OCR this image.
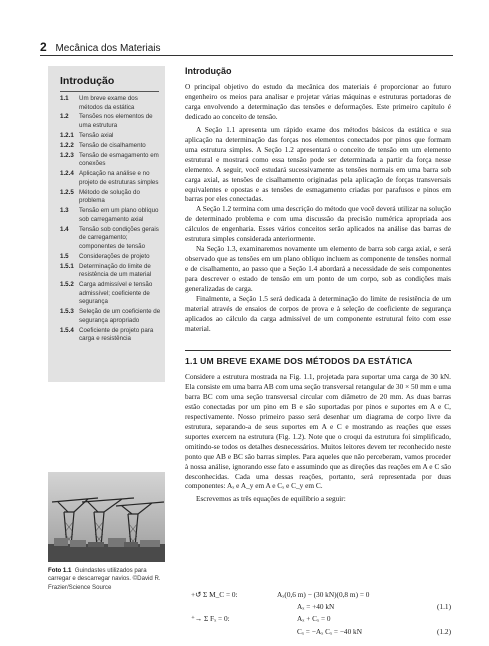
2 Mecânica dos Materiais
Introdução
1.1	Um breve exame dos métodos da estática
1.2	Tensões nos elementos de uma estrutura
1.2.1 Tensão axial
1.2.2 Tensão de cisalhamento
1.2.3 Tensão de esmagamento em conexões
1.2.4 Aplicação na análise e no projeto de estruturas simples
1.2.5 Método de solução do problema
1.3	Tensão em um plano oblíquo sob carregamento axial
1.4	Tensão sob condições gerais de carregamento; componentes de tensão
1.5	Considerações de projeto
1.5.1 Determinação do limite de resistência de um material
1.5.2 Carga admissível e tensão admissível; coeficiente de segurança
1.5.3 Seleção de um coeficiente de segurança apropriado
1.5.4 Coeficiente de projeto para carga e resistência
Foto 1.1 Guindastes utilizados para carregar e descarregar navios. ©David R. Frazier/Science Source
Introdução

O principal objetivo do estudo da mecânica dos materiais é proporcionar ao futuro engenheiro os meios para analisar e projetar várias máquinas e estruturas portadoras de carga envolvendo a determinação das tensões e deformações. Este primeiro capítulo é dedicado ao conceito de tensão.

A Seção 1.1 apresenta um rápido exame dos métodos básicos da estática e sua aplicação na determinação das forças nos elementos conectados por pinos que formam uma estrutura simples. A Seção 1.2 apresentará o conceito de tensão em um elemento estrutural e mostrará como essa tensão pode ser determinada a partir da força nesse elemento. A seguir, você estudará sucessivamente as tensões normais em uma barra sob carga axial, as tensões de cisalhamento originadas pela aplicação de forças transversais equivalentes e opostas e as tensões de esmagamento criadas por parafusos e pinos em barras por eles conectadas.

A Seção 1.2 termina com uma descrição do método que você deverá utilizar na solução de determinado problema e com uma discussão da precisão numérica apropriada aos cálculos de engenharia. Esses vários conceitos serão aplicados na análise das barras de estrutura simples considerada anteriormente.

Na Seção 1.3, examinaremos novamente um elemento de barra sob carga axial, e será observado que as tensões em um plano oblíquo incluem as componente de tensões normal e de cisalhamento, ao passo que a Seção 1.4 abordará a necessidade de seis componentes para descrever o estado de tensão em um ponto de um corpo, sob as condições mais generalizadas de carga.

Finalmente, a Seção 1.5 será dedicada à determinação do limite de resistência de um material através de ensaios de corpos de prova e à seleção de coeficiente de segurança aplicados ao cálculo da carga admissível de um componente estrutural feito com esse material.

1.1 UM BREVE EXAME DOS MÉTODOS DA ESTÁTICA

Considere a estrutura mostrada na Fig. 1.1, projetada para suportar uma carga de 30 kN. Ela consiste em uma barra AB com uma seção transversal retangular de 30 × 50 mm e uma barra BC com uma seção transversal circular com diâmetro de 20 mm. As duas barras estão conectadas por um pino em B e são suportadas por pinos e suportes em A e C, respectivamente. Nosso primeiro passo será desenhar um diagrama de corpo livre da estrutura, separando-a de seus suportes em A e C e mostrando as reações que esses suportes exercem na estrutura (Fig. 1.2). Note que o croqui da estrutura foi simplificado, omitindo-se todos os detalhes desnecessários. Muitos leitores devem ter reconhecido neste ponto que AB e BC são barras simples. Para aqueles que não perceberam, vamos proceder à nossa análise, ignorando esse fato e assumindo que as direções das reações em A e C são desconhecidas. Cada uma dessas reações, portanto, será representada por duas componentes: Aₓ e A_y em A e Cₓ e C_y em C.

Escrevemos as três equações de equilíbrio a seguir:

+↺ Σ M_C = 0:	Aₓ(0,6 m) − (30 kN)(0,8 m) = 0
Aₓ = +40 kN	(1.1)
⁺→ Σ Fₓ = 0:	Aₓ + Cₓ = 0
Cₓ = −Aₓ Cₓ = −40 kN	(1.2)
